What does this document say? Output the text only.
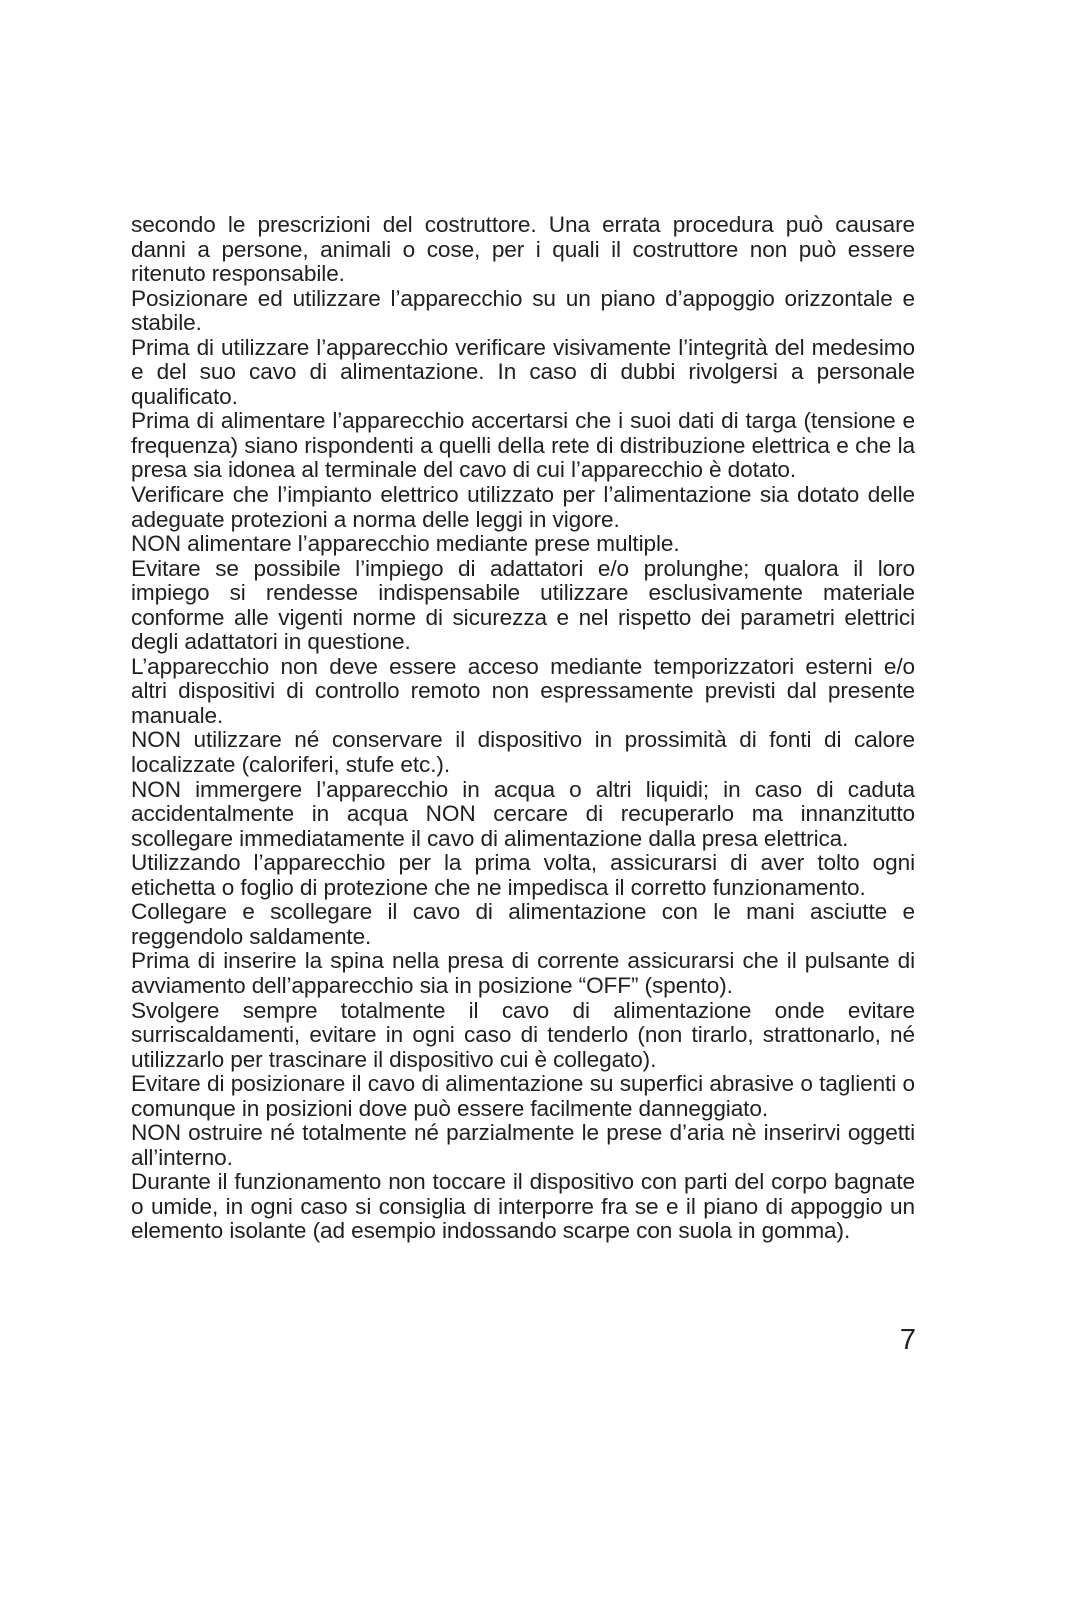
secondo le prescrizioni del costruttore. Una errata procedura può causare danni a persone, animali o cose, per i quali il costruttore non può essere ritenuto responsabile.

Posizionare ed utilizzare l’apparecchio su un piano d’appoggio orizzontale e stabile.

Prima di utilizzare l’apparecchio verificare visivamente l’integrità del medesimo e del suo cavo di alimentazione. In caso di dubbi rivolgersi a personale qualificato.

Prima di alimentare l’apparecchio accertarsi che i suoi dati di targa (tensione e frequenza) siano rispondenti a quelli della rete di distribuzione elettrica e che la presa sia idonea al terminale del cavo di cui l’apparecchio è dotato.

Verificare che l’impianto elettrico utilizzato per l’alimentazione sia dotato delle adeguate protezioni a norma delle leggi in vigore.

NON alimentare l’apparecchio mediante prese multiple.

Evitare se possibile l’impiego di adattatori e/o prolunghe; qualora il loro impiego si rendesse indispensabile utilizzare esclusivamente materiale conforme alle vigenti norme di sicurezza e nel rispetto dei parametri elettrici degli adattatori in questione.

L’apparecchio non deve essere acceso mediante temporizzatori esterni e/o altri dispositivi di controllo remoto non espressamente previsti dal presente manuale.

NON utilizzare né conservare il dispositivo in prossimità di fonti di calore localizzate (caloriferi, stufe etc.).

NON immergere l’apparecchio in acqua o altri liquidi; in caso di caduta accidentalmente in acqua NON cercare di recuperarlo ma innanzitutto scollegare immediatamente il cavo di alimentazione dalla presa elettrica.

Utilizzando l’apparecchio per la prima volta, assicurarsi di aver tolto ogni etichetta o foglio di protezione che ne impedisca il corretto funzionamento.

Collegare e scollegare il cavo di alimentazione con le mani asciutte e reggendolo saldamente.

Prima di inserire la spina nella presa di corrente assicurarsi che il pulsante di avviamento dell’apparecchio sia in posizione “OFF” (spento).

Svolgere sempre totalmente il cavo di alimentazione onde evitare surriscaldamenti, evitare in ogni caso di tenderlo (non tirarlo, strattonarlo, né utilizzarlo per trascinare il dispositivo cui è collegato).

Evitare di posizionare il cavo di alimentazione su superfici abrasive o taglienti o comunque in posizioni dove può essere facilmente danneggiato.

NON ostruire né totalmente né parzialmente le prese d’aria nè inserirvi oggetti all’interno.

Durante il funzionamento non toccare il dispositivo con parti del corpo bagnate o umide, in ogni caso si consiglia di interporre fra se e il piano di appoggio un elemento isolante (ad esempio indossando scarpe con suola in gomma).

7
